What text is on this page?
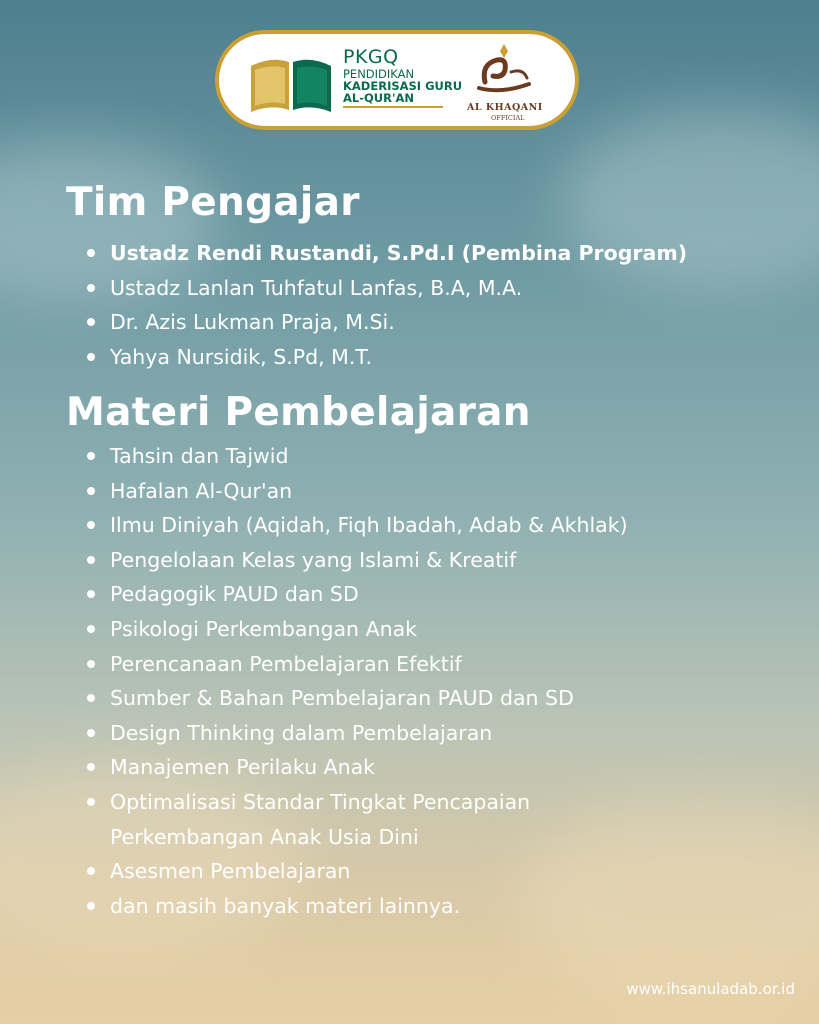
PKGQ
PENDIDIKAN
KADERISASI GURU
AL-QUR'AN
AL KHAQANI
OFFICIAL
Tim Pengajar
Ustadz Rendi Rustandi, S.Pd.I (Pembina Program)
Ustadz Lanlan Tuhfatul Lanfas, B.A, M.A.
Dr. Azis Lukman Praja, M.Si.
Yahya Nursidik, S.Pd, M.T.
Materi Pembelajaran
Tahsin dan Tajwid
Hafalan Al-Qur'an
Ilmu Diniyah (Aqidah, Fiqh Ibadah, Adab & Akhlak)
Pengelolaan Kelas yang Islami & Kreatif
Pedagogik PAUD dan SD
Psikologi Perkembangan Anak
Perencanaan Pembelajaran Efektif
Sumber & Bahan Pembelajaran PAUD dan SD
Design Thinking dalam Pembelajaran
Manajemen Perilaku Anak
Optimalisasi Standar Tingkat Pencapaian
Perkembangan Anak Usia Dini
Asesmen Pembelajaran
dan masih banyak materi lainnya.
www.ihsanuladab.or.id
